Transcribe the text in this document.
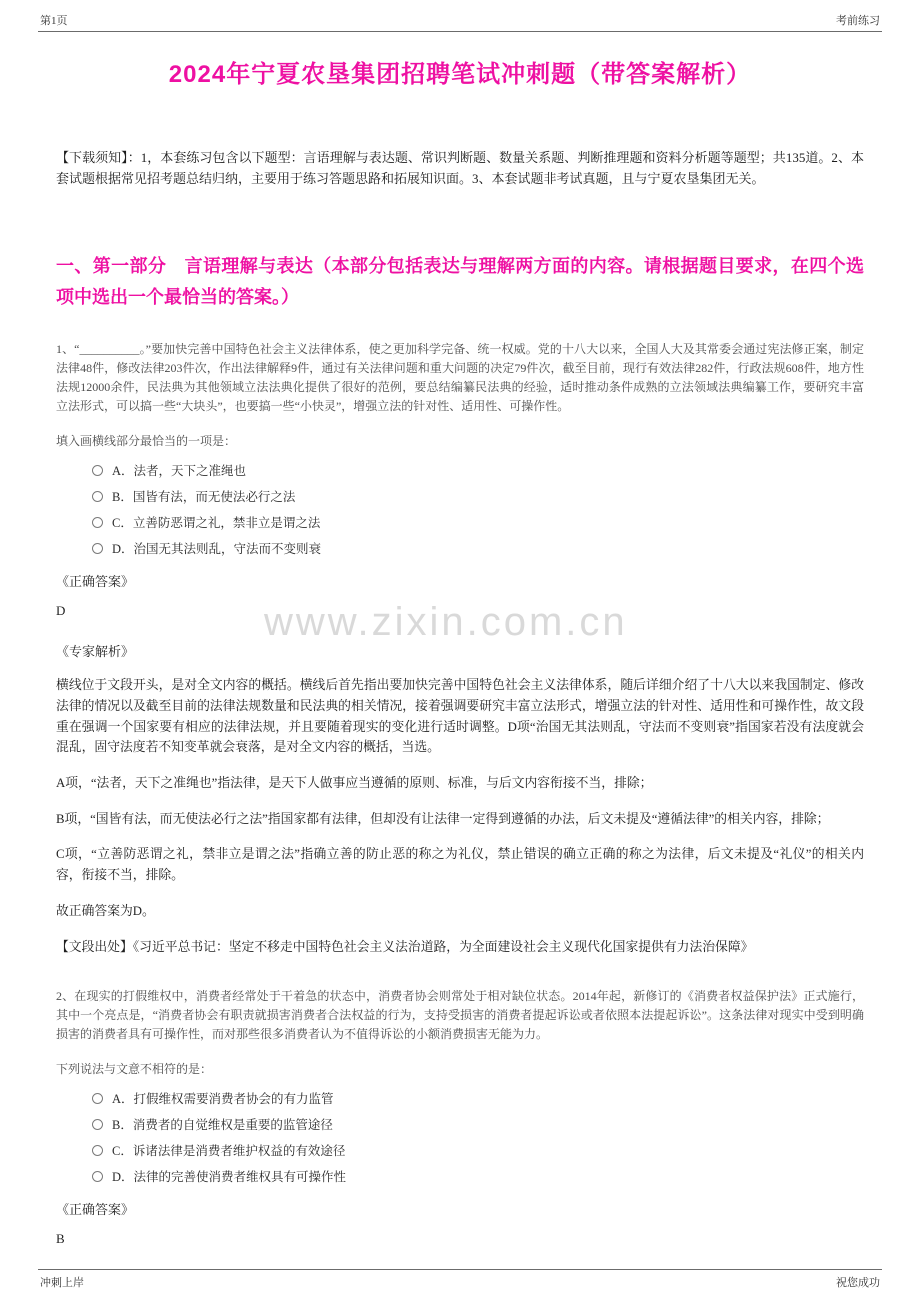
第1页	考前练习
2024年宁夏农垦集团招聘笔试冲刺题（带答案解析）

【下载须知】：1，本套练习包含以下题型：言语理解与表达题、常识判断题、数量关系题、判断推理题和资料分析题等题型；共135道。2、本套试题根据常见招考题总结归纳，主要用于练习答题思路和拓展知识面。3、本套试题非考试真题，且与宁夏农垦集团无关。

一、第一部分　言语理解与表达（本部分包括表达与理解两方面的内容。请根据题目要求，在四个选项中选出一个最恰当的答案。）

1、“__________。”要加快完善中国特色社会主义法律体系，使之更加科学完备、统一权威。党的十八大以来，全国人大及其常委会通过宪法修正案，制定法律48件，修改法律203件次，作出法律解释9件，通过有关法律问题和重大问题的决定79件次，截至目前，现行有效法律282件，行政法规608件，地方性法规12000余件，民法典为其他领域立法法典化提供了很好的范例，要总结编纂民法典的经验，适时推动条件成熟的立法领域法典编纂工作，要研究丰富立法形式，可以搞一些“大块头”，也要搞一些“小快灵”，增强立法的针对性、适用性、可操作性。

填入画横线部分最恰当的一项是：

A．法者，天下之准绳也
B．国皆有法，而无使法必行之法
C．立善防恶谓之礼，禁非立是谓之法
D．治国无其法则乱，守法而不变则衰

《正确答案》

D

《专家解析》

横线位于文段开头，是对全文内容的概括。横线后首先指出要加快完善中国特色社会主义法律体系，随后详细介绍了十八大以来我国制定、修改法律的情况以及截至目前的法律法规数量和民法典的相关情况，接着强调要研究丰富立法形式，增强立法的针对性、适用性和可操作性，故文段重在强调一个国家要有相应的法律法规，并且要随着现实的变化进行适时调整。D项“治国无其法则乱，守法而不变则衰”指国家若没有法度就会混乱，固守法度若不知变革就会衰落，是对全文内容的概括，当选。

A项，“法者，天下之准绳也”指法律，是天下人做事应当遵循的原则、标准，与后文内容衔接不当，排除；

B项，“国皆有法，而无使法必行之法”指国家都有法律，但却没有让法律一定得到遵循的办法，后文未提及“遵循法律”的相关内容，排除；

C项，“立善防恶谓之礼，禁非立是谓之法”指确立善的防止恶的称之为礼仪，禁止错误的确立正确的称之为法律，后文未提及“礼仪”的相关内容，衔接不当，排除。

故正确答案为D。

【文段出处】《习近平总书记：坚定不移走中国特色社会主义法治道路，为全面建设社会主义现代化国家提供有力法治保障》

2、在现实的打假维权中，消费者经常处于干着急的状态中，消费者协会则常处于相对缺位状态。2014年起，新修订的《消费者权益保护法》正式施行，其中一个亮点是，“消费者协会有职责就损害消费者合法权益的行为，支持受损害的消费者提起诉讼或者依照本法提起诉讼”。这条法律对现实中受到明确损害的消费者具有可操作性，而对那些很多消费者认为不值得诉讼的小额消费损害无能为力。

下列说法与文意不相符的是：

A．打假维权需要消费者协会的有力监管
B．消费者的自觉维权是重要的监管途径
C．诉诸法律是消费者维护权益的有效途径
D．法律的完善使消费者维权具有可操作性

《正确答案》

B

www.zixin.com.cn
冲刺上岸	祝您成功
